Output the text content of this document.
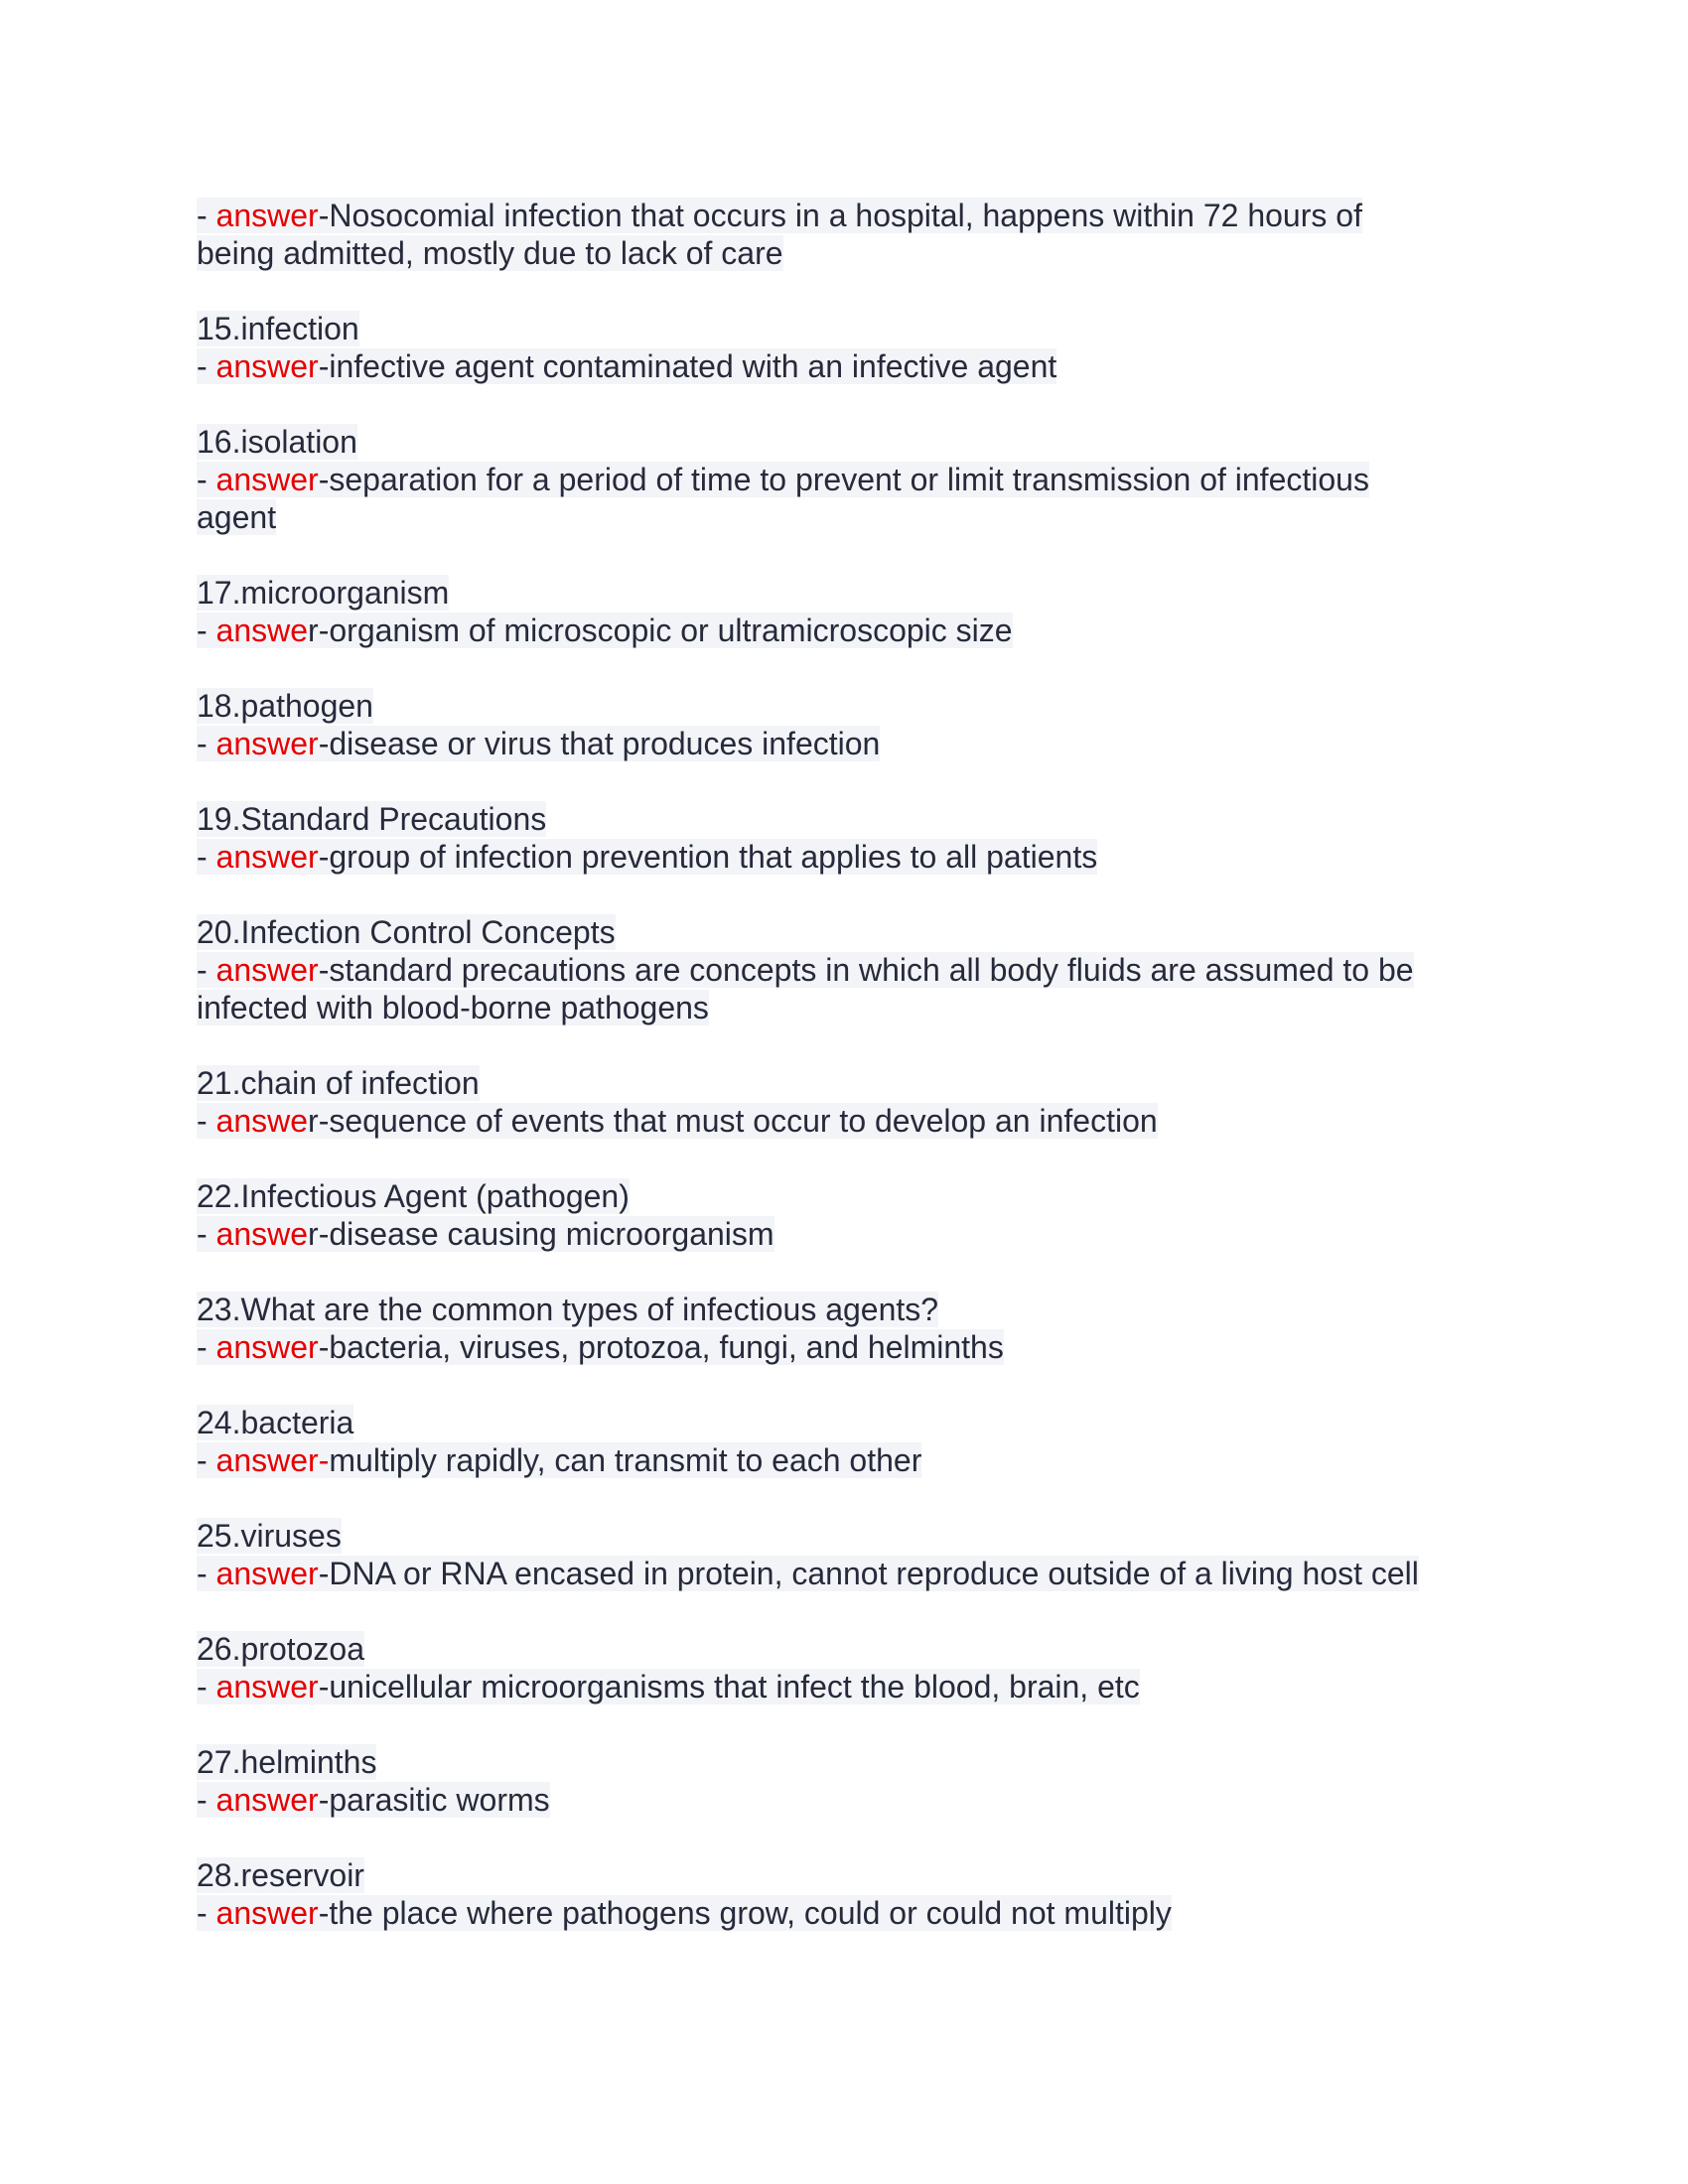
- answer-Nosocomial infection that occurs in a hospital, happens within 72 hours of

being admitted, mostly due to lack of care

15.infection

- answer-infective agent contaminated with an infective agent

16.isolation

- answer-separation for a period of time to prevent or limit transmission of infectious

agent

17.microorganism

- answer-organism of microscopic or ultramicroscopic size

18.pathogen

- answer-disease or virus that produces infection

19.Standard Precautions

- answer-group of infection prevention that applies to all patients

20.Infection Control Concepts

- answer-standard precautions are concepts in which all body fluids are assumed to be

infected with blood-borne pathogens

21.chain of infection

- answer-sequence of events that must occur to develop an infection

22.Infectious Agent (pathogen)

- answer-disease causing microorganism

23.What are the common types of infectious agents?

- answer-bacteria, viruses, protozoa, fungi, and helminths

24.bacteria

- answer-multiply rapidly, can transmit to each other

25.viruses

- answer-DNA or RNA encased in protein, cannot reproduce outside of a living host cell

26.protozoa

- answer-unicellular microorganisms that infect the blood, brain, etc

27.helminths

- answer-parasitic worms

28.reservoir

- answer-the place where pathogens grow, could or could not multiply
